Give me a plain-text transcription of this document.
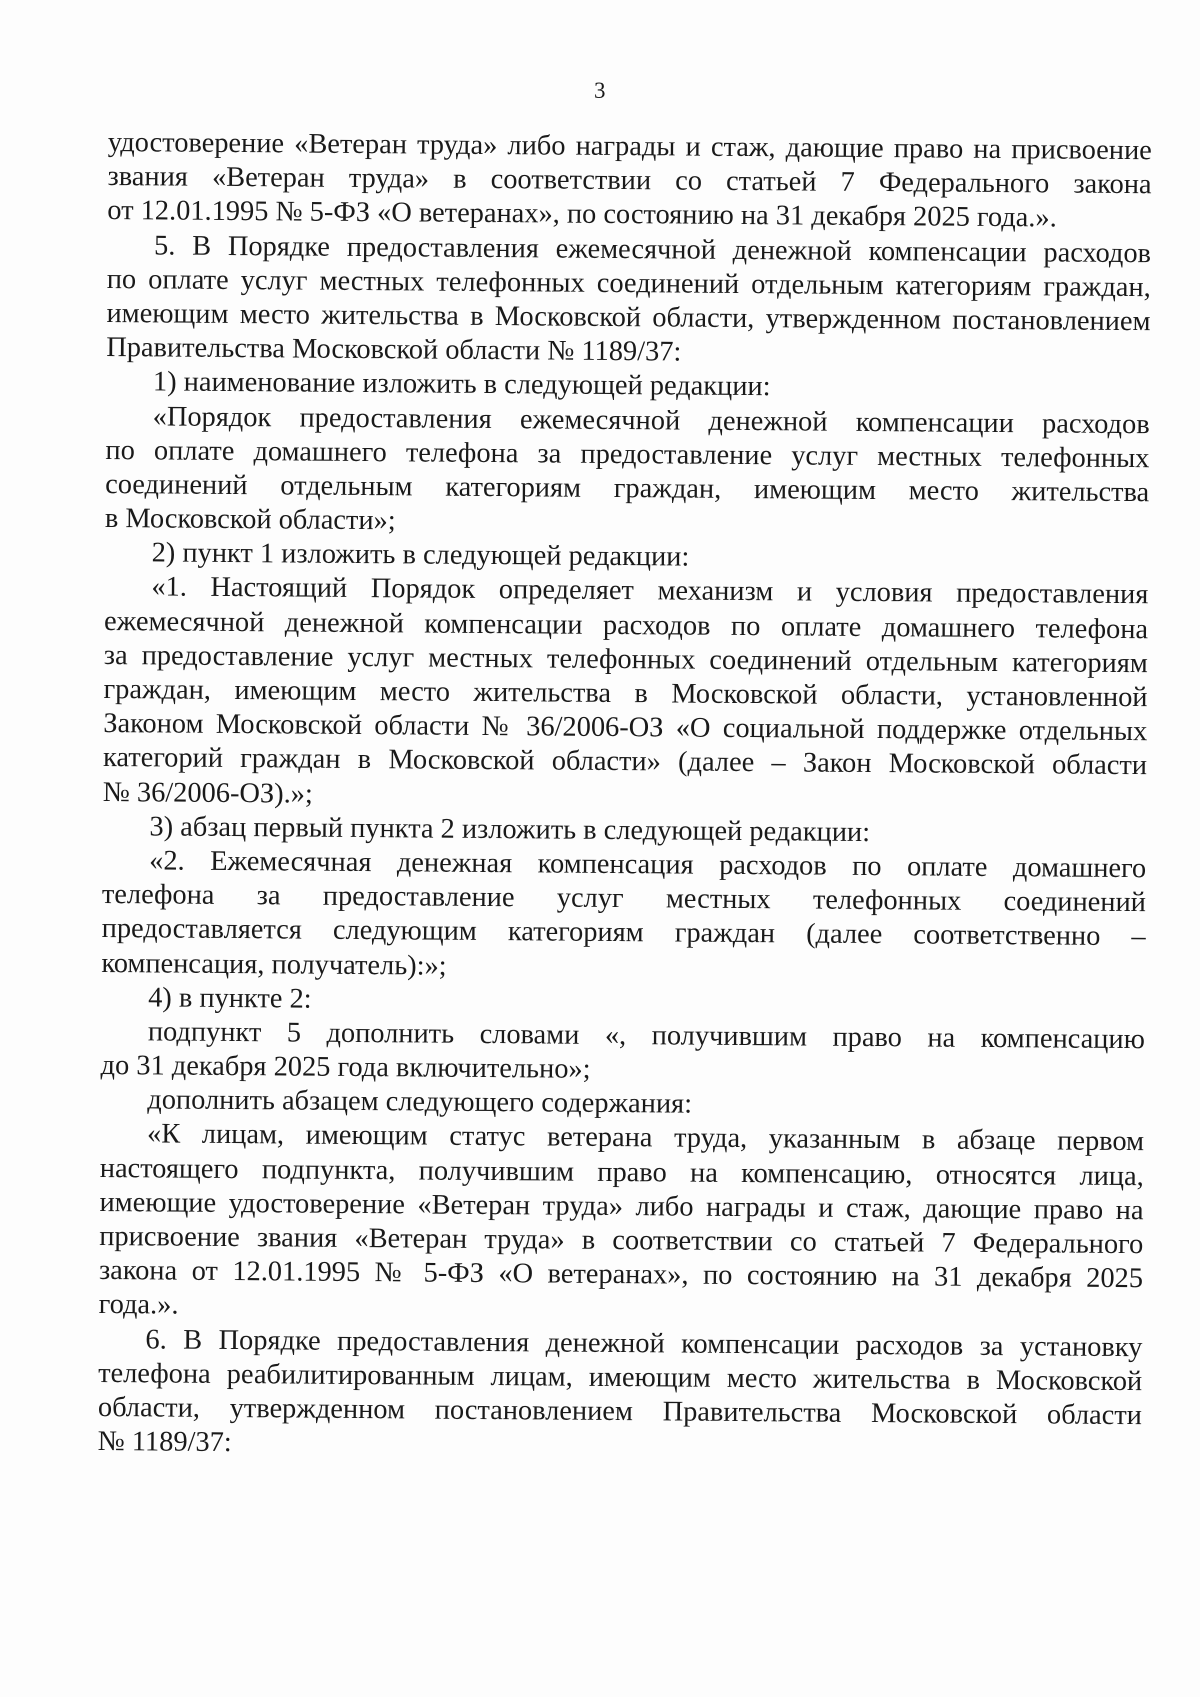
3
удостоверение «Ветеран труда» либо награды и стаж, дающие право на присвоение
звания «Ветеран труда» в соответствии со статьей 7 Федерального закона
от 12.01.1995 № 5-ФЗ «О ветеранах», по состоянию на 31 декабря 2025 года.».
5. В Порядке предоставления ежемесячной денежной компенсации расходов
по оплате услуг местных телефонных соединений отдельным категориям граждан,
имеющим место жительства в Московской области, утвержденном постановлением
Правительства Московской области № 1189/37:
1) наименование изложить в следующей редакции:
«Порядок предоставления ежемесячной денежной компенсации расходов
по оплате домашнего телефона за предоставление услуг местных телефонных
соединений отдельным категориям граждан, имеющим место жительства
в Московской области»;
2) пункт 1 изложить в следующей редакции:
«1. Настоящий Порядок определяет механизм и условия предоставления
ежемесячной денежной компенсации расходов по оплате домашнего телефона
за предоставление услуг местных телефонных соединений отдельным категориям
граждан, имеющим место жительства в Московской области, установленной
Законом Московской области № 36/2006-ОЗ «О социальной поддержке отдельных
категорий граждан в Московской области» (далее – Закон Московской области
№ 36/2006-ОЗ).»;
3) абзац первый пункта 2 изложить в следующей редакции:
«2. Ежемесячная денежная компенсация расходов по оплате домашнего
телефона за предоставление услуг местных телефонных соединений
предоставляется следующим категориям граждан (далее соответственно –
компенсация, получатель):»;
4) в пункте 2:
подпункт 5 дополнить словами «, получившим право на компенсацию
до 31 декабря 2025 года включительно»;
дополнить абзацем следующего содержания:
«К лицам, имеющим статус ветерана труда, указанным в абзаце первом
настоящего подпункта, получившим право на компенсацию, относятся лица,
имеющие удостоверение «Ветеран труда» либо награды и стаж, дающие право на
присвоение звания «Ветеран труда» в соответствии со статьей 7 Федерального
закона от 12.01.1995 № 5-ФЗ «О ветеранах», по состоянию на 31 декабря 2025
года.».
6. В Порядке предоставления денежной компенсации расходов за установку
телефона реабилитированным лицам, имеющим место жительства в Московской
области, утвержденном постановлением Правительства Московской области
№ 1189/37:
